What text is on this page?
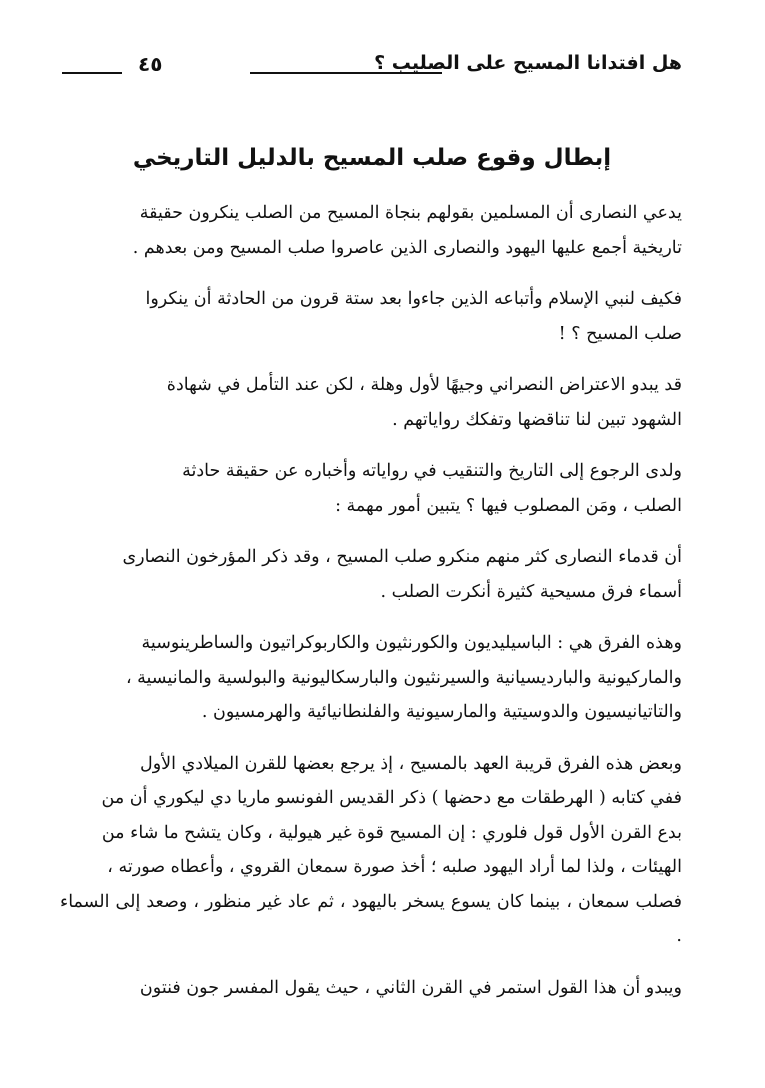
هل افتدانا المسيح على الصليب ؟
٤٥
إبطال وقوع صلب المسيح بالدليل التاريخي

يدعي النصارى أن المسلمين بقولهم بنجاة المسيح من الصلب ينكرون حقيقة
تاريخية أجمع عليها اليهود والنصارى الذين عاصروا صلب المسيح ومن بعدهم .

فكيف لنبي الإسلام وأتباعه الذين جاءوا بعد ستة قرون من الحادثة أن ينكروا
صلب المسيح ؟ !

قد يبدو الاعتراض النصراني وجيهًا لأول وهلة ، لكن عند التأمل في شهادة
الشهود تبين لنا تناقضها وتفكك رواياتهم .

ولدى الرجوع إلى التاريخ والتنقيب في رواياته وأخباره عن حقيقة حادثة
الصلب ، ومَن المصلوب فيها ؟ يتبين أمور مهمة :

أن قدماء النصارى كثر منهم منكرو صلب المسيح ، وقد ذكر المؤرخون النصارى
أسماء فرق مسيحية كثيرة أنكرت الصلب .

وهذه الفرق هي : الباسيليديون والكورنثيون والكاربوكراتيون والساطرينوسية
والماركيونية والبارديسيانية والسيرنثيون والبارسكاليونية والبولسية والمانيسية ،
والتاتيانيسيون والدوسيتية والمارسيونية والفلنطانيائية والهرمسيون .

وبعض هذه الفرق قريبة العهد بالمسيح ، إذ يرجع بعضها للقرن الميلادي الأول
ففي كتابه ( الهرطقات مع دحضها ) ذكر القديس الفونسو ماريا دي ليكوري أن من
بدع القرن الأول قول فلوري : إن المسيح قوة غير هيولية ، وكان يتشح ما شاء من
الهيئات ، ولذا لما أراد اليهود صلبه ؛ أخذ صورة سمعان القروي ، وأعطاه صورته ،
فصلب سمعان ، بينما كان يسوع يسخر باليهود ، ثم عاد غير منظور ، وصعد إلى السماء .

ويبدو أن هذا القول استمر في القرن الثاني ، حيث يقول المفسر جون فنتون
